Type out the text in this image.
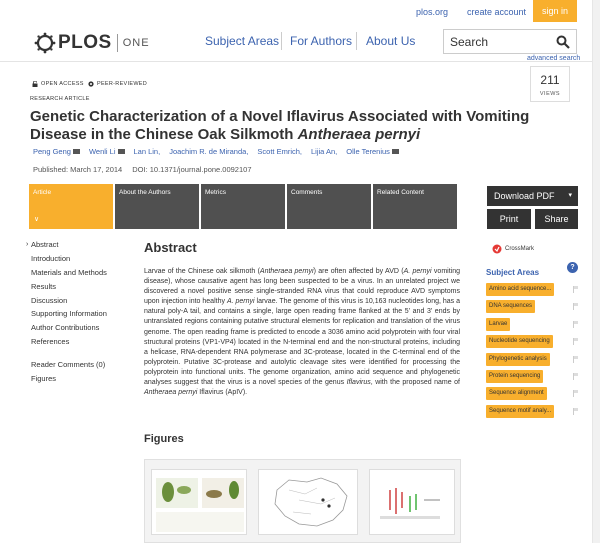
plos.org create account	sign in
PLOS ONE	Subject Areas For Authors About Us
Search
advanced search
OPEN ACCESS PEER-REVIEWED
RESEARCH ARTICLE
211
VIEWS
Genetic Characterization of a Novel Iflavirus Associated with Vomiting Disease in the Chinese Oak Silkmoth Antheraea pernyi
Peng Geng Wenli Li Lan Lin, Joachim R. de Miranda, Scott Emrich, Lijia An, Olle Terenius
Published: March 17, 2014 DOI: 10.1371/journal.pone.0092107
Article
∨
About the Authors	Metrics	Comments	Related Content	Download PDF ▾
Print	Share
CrossMark
Subject Areas
?
Amino acid sequence...
DNA sequences
Larvae
Nucleotide sequencing
Phylogenetic analysis
Protein sequencing
Sequence alignment
Sequence motif analy...
› Abstract
Introduction
Materials and Methods
Results
Discussion
Supporting Information
Author Contributions
References
Reader Comments (0)
Figures
Abstract

Larvae of the Chinese oak silkmoth (Antheraea pernyi) are often affected by AVD (A. pernyi vomiting disease), whose causative agent has long been suspected to be a virus. In an unrelated project we discovered a novel positive sense single-stranded RNA virus that could reproduce AVD symptoms upon injection into healthy A. pernyi larvae. The genome of this virus is 10,163 nucleotides long, has a natural poly-A tail, and contains a single, large open reading frame flanked at the 5' and 3' ends by untranslated regions containing putative structural elements for replication and translation of the virus genome. The open reading frame is predicted to encode a 3036 amino acid polyprotein with four viral structural proteins (VP1-VP4) located in the N-terminal end and the non-structural proteins, including a helicase, RNA-dependent RNA polymerase and 3C-protease, located in the C-terminal end of the polyprotein. Putative 3C-protease and autolytic cleavage sites were identified for processing the polyprotein into functional units. The genome organization, amino acid sequence and phylogenetic analyses suggest that the virus is a novel species of the genus Iflavirus, with the proposed name of Antheraea pernyi Iflavirus (ApIV).

Figures
